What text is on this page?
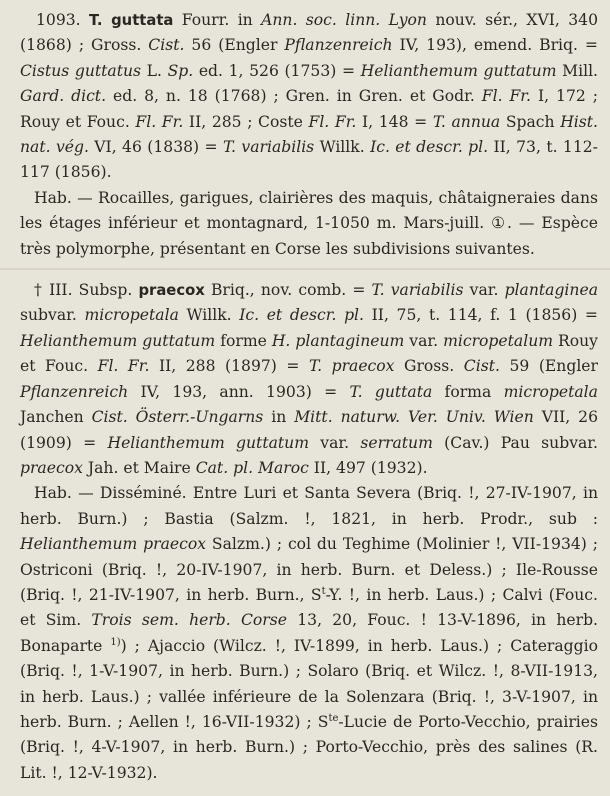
1093. T. guttata Fourr. in Ann. soc. linn. Lyon nouv. sér., XVI, 340 (1868) ; Gross. Cist. 56 (Engler Pflanzenreich IV, 193), emend. Briq. = Cistus guttatus L. Sp. ed. 1, 526 (1753) = Helianthemum guttatum Mill. Gard. dict. ed. 8, n. 18 (1768) ; Gren. in Gren. et Godr. Fl. Fr. I, 172 ; Rouy et Fouc. Fl. Fr. II, 285 ; Coste Fl. Fr. I, 148 = T. annua Spach Hist. nat. vég. VI, 46 (1838) = T. variabilis Willk. Ic. et descr. pl. II, 73, t. 112-117 (1856).

Hab. — Rocailles, garigues, clairières des maquis, châtaigneraies dans les étages inférieur et montagnard, 1-1050 m. Mars-juill. ①. — Espèce très polymorphe, présentant en Corse les subdivisions suivantes.

† III. Subsp. praecox Briq., nov. comb. = T. variabilis var. plantaginea subvar. micropetala Willk. Ic. et descr. pl. II, 75, t. 114, f. 1 (1856) = Helianthemum guttatum forme H. plantagineum var. micropetalum Rouy et Fouc. Fl. Fr. II, 288 (1897) = T. praecox Gross. Cist. 59 (Engler Pflanzenreich IV, 193, ann. 1903) = T. guttata forma micropetala Janchen Cist. Österr.-Ungarns in Mitt. naturw. Ver. Univ. Wien VII, 26 (1909) = Helianthemum guttatum var. serratum (Cav.) Pau subvar. praecox Jah. et Maire Cat. pl. Maroc II, 497 (1932).

Hab. — Disséminé. Entre Luri et Santa Severa (Briq. !, 27-IV-1907, in herb. Burn.) ; Bastia (Salzm. !, 1821, in herb. Prodr., sub : Helianthemum praecox Salzm.) ; col du Teghime (Molinier !, VII-1934) ; Ostriconi (Briq. !, 20-IV-1907, in herb. Burn. et Deless.) ; Ile-Rousse (Briq. !, 21-IV-1907, in herb. Burn., $S^t-Y$. !, in herb. Laus.) ; Calvi (Fouc. et Sim. Trois sem. herb. Corse 13, 20, Fouc. ! 13-V-1896, in herb. Bonaparte $^{1)}$) ; Ajaccio (Wilcz. !, IV-1899, in herb. Laus.) ; Cateraggio (Briq. !, 1-V-1907, in herb. Burn.) ; Solaro (Briq. et Wilcz. !, 8-VII-1913, in herb. Laus.) ; vallée inférieure de la Solenzara (Briq. !, 3-V-1907, in herb. Burn. ; Aellen !, 16-VII-1932) ; $S^{te}$-Lucie de Porto-Vecchio, prairies (Briq. !, 4-V-1907, in herb. Burn.) ; Porto-Vecchio, près des salines (R. Lit. !, 12-V-1932).
